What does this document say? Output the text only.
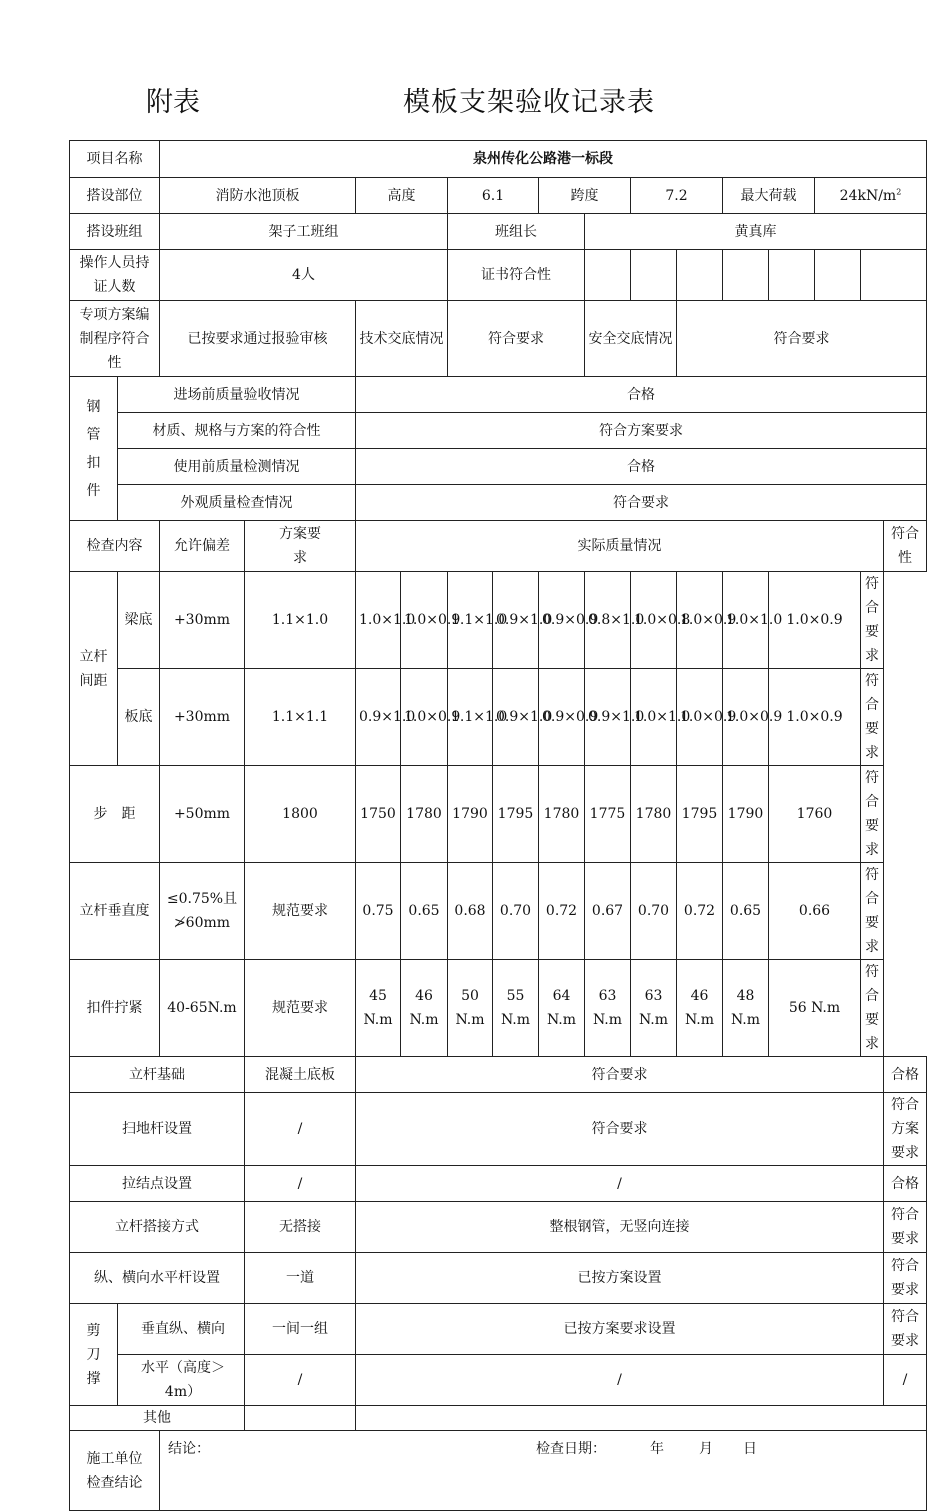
附表	模板支架验收记录表
项目名称		泉州传化公路港一标段														
搭设部位		消防水池顶板		高度		6.1		跨度		7.2		最大荷载		$24kN/m^2$
搭设班组		架子工班组				班组长			黄真库							
操作人员持证人数		4人				证书符合性										
专项方案编制程序符合性		已按要求通过报验审核		技术交底情况		符合要求			安全交底情况		符合要求					
钢管扣件	进场前质量验收情况			合格												
	材质、规格与方案的符合性			符合方案要求												
	使用前质量检测情况			合格												
	外观质量检查情况			符合要求												
检查内容		允许偏差	方案要求	实际质量情况												符合性
立杆间距	梁底	+30mm	1.1×1.0	1.0×1.0	1.0×0.9	1.1×1.0	0.9×1.0	0.9×0.9	0.8×1.0	1.0×0.8	1.0×0.9	1.0×1.0	1.0×0.9		符合要求	
	板底	+30mm	1.1×1.1	0.9×1.0	1.0×0.9	1.1×1.0	0.9×1.0	0.9×0.9	0.9×1.0	1.0×1.0	1.0×0.9	1.0×0.9	1.0×0.9		符合要求	
步　距		+50mm	1800	1750	1780	1790	1795	1780	1775	1780	1795	1790	1760		符合要求	
立杆垂直度		≤0.75%且≯60mm	规范要求	0.75	0.65	0.68	0.70	0.72	0.67	0.70	0.72	0.65	0.66		符合要求	
扣件拧紧		40-65N.m	规范要求	45 N.m	46 N.m	50 N.m	55 N.m	64 N.m	63 N.m	63 N.m	46 N.m	48 N.m	56 N.m		符合要求	
立杆基础			混凝土底板	符合要求												合格
扫地杆设置			/	符合要求												符合方案要求
拉结点设置			/	/												合格
立杆搭接方式			无搭接	整根钢管，无竖向连接												符合要求
纵、横向水平杆设置			一道	已按方案设置												符合要求
剪刀撑	垂直纵、横向		一间一组	已按方案要求设置												符合要求
	水平（高度＞4m）		/	/												/
其他																
施工单位检查结论		结论： 检查日期： 年 月 日														
